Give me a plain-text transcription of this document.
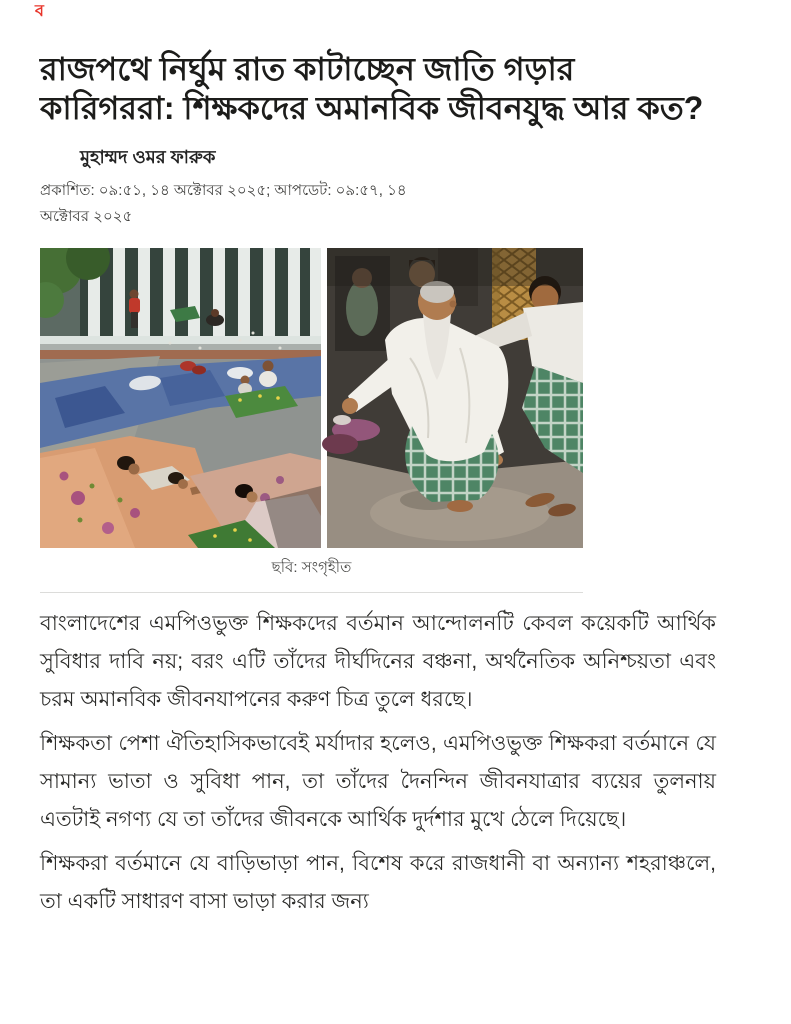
ব
রাজপথে নির্ঘুম রাত কাটাচ্ছেন জাতি গড়ার কারিগররা: শিক্ষকদের অমানবিক জীবনযুদ্ধ আর কত?
মুহাম্মদ ওমর ফারুক
প্রকাশিত: ০৯:৫১, ১৪ অক্টোবর ২০২৫; আপডেট: ০৯:৫৭, ১৪
অক্টোবর ২০২৫
ছবি: সংগৃহীত

বাংলাদেশের এমপিওভুক্ত শিক্ষকদের বর্তমান আন্দোলনটি কেবল কয়েকটি আর্থিক সুবিধার দাবি নয়; বরং এটি তাঁদের দীর্ঘদিনের বঞ্চনা, অর্থনৈতিক অনিশ্চয়তা এবং চরম অমানবিক জীবনযাপনের করুণ চিত্র তুলে ধরছে।

শিক্ষকতা পেশা ঐতিহাসিকভাবেই মর্যাদার হলেও, এমপিওভুক্ত শিক্ষকরা বর্তমানে যে সামান্য ভাতা ও সুবিধা পান, তা তাঁদের দৈনন্দিন জীবনযাত্রার ব্যয়ের তুলনায় এতটাই নগণ্য যে তা তাঁদের জীবনকে আর্থিক দুর্দশার মুখে ঠেলে দিয়েছে।

শিক্ষকরা বর্তমানে যে বাড়িভাড়া পান, বিশেষ করে রাজধানী বা অন্যান্য শহরাঞ্চলে, তা একটি সাধারণ বাসা ভাড়া করার জন্য
